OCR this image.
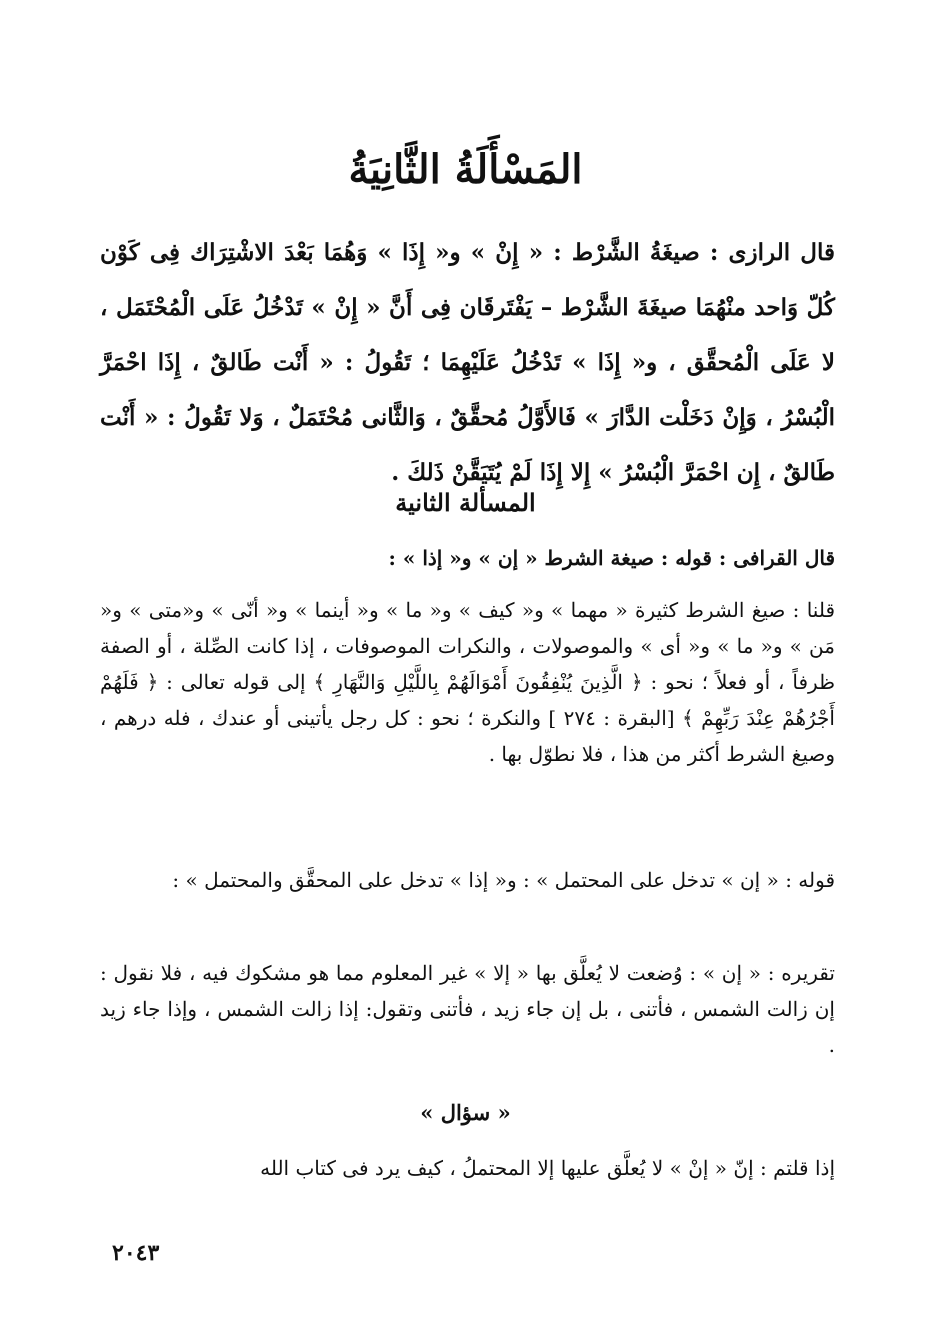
المَسْأَلَةُ الثَّانِيَةُ
قال الرازى : صيغَةُ الشَّرْط : « إِنْ » و« إِذَا » وَهُمَا بَعْدَ الاشْتِرَاك فِى كَوْن كُلّ وَاحد منْهُمَا صيغَةَ الشَّرْط – يَفْتَرقَان فِى أَنَّ « إِنْ » تَدْخُلُ عَلَى الْمُحْتَمَل ، لا عَلَى الْمُحقَّق ، و« إِذَا » تَدْخُلُ عَلَيْهِمَا ؛ تَقُولُ : « أَنْت طَالقٌ ، إِذَا احْمَرَّ الْبُسْرُ ، وَإِنْ دَخَلْت الدَّارَ » فَالأَوَّلُ مُحقَّقٌ ، وَالثَّانى مُحْتَمَلٌ ، وَلا تَقُولُ : « أَنْت طَالقٌ ، إِن احْمَرَّ الْبُسْرُ » إِلا إِذَا لَمْ يُتَيَقَّنْ ذَلكَ .
المسألة الثانية
قال القرافى : قوله : صيغة الشرط « إن » و« إذا » :
قلنا : صيغ الشرط كثيرة « مهما » و« كيف » و« ما » و« أينما » و« أنّى » و«متى » و« مَن » و« ما » و« أى » والموصولات ، والنكرات الموصوفات ، إذا كانت الصِّلة ، أو الصفة ظرفاً ، أو فعلاً ؛ نحو : ﴿ الَّذِينَ يُنْفِقُونَ أَمْوَالَهُمْ بِاللَّيْلِ وَالنَّهَارِ ﴾ إلى قوله تعالى : ﴿ فَلَهُمْ أَجْرُهُمْ عِنْدَ رَبِّهِمْ ﴾ [البقرة : ٢٧٤ ] والنكرة ؛ نحو : كل رجل يأتينى أو عندك ، فله درهم ، وصيغ الشرط أكثر من هذا ، فلا نطوّل بها .
قوله : « إن » تدخل على المحتمل » : و« إذا » تدخل على المحقَّق والمحتمل » :
تقريره : « إن » : وُضعت لا يُعلَّق بها « إلا » غير المعلوم مما هو مشكوك فيه ، فلا نقول : إن زالت الشمس ، فأتنى ، بل إن جاء زيد ، فأتنى وتقول: إذا زالت الشمس ، وإذا جاء زيد .
« سؤال »
إذا قلتم : إنّ « إنْ » لا يُعلَّق عليها إلا المحتملُ ، كيف يرد فى كتاب الله
٢٠٤٣
